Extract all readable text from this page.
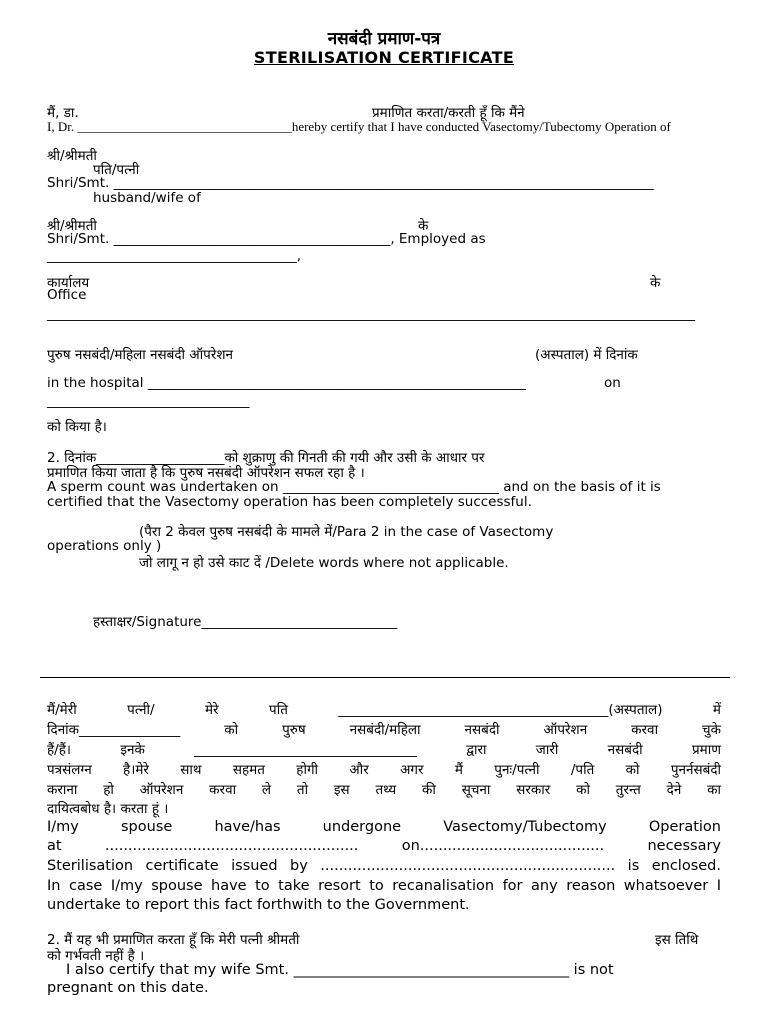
नसबंदी प्रमाण-पत्र
STERILISATION CERTIFICATE
मैं, डा.	प्रमाणित करता/करती हूँ कि मैंने
I, Dr. _________________________________hereby certify that I have conducted Vasectomy/Tubectomy Operation of
श्री/श्रीमती
पति/पत्नी
Shri/Smt. ________________________________________________________________________________
husband/wife of
श्री/श्रीमती	के
Shri/Smt. _________________________________________, Employed as
_____________________________________,
कार्यालय	के
Office
________________________________________________________________________________________________
पुरुष नसबंदी/महिला नसबंदी ऑपरेशन	(अस्पताल) में दिनांक
in the hospital ________________________________________________________	on
______________________________
को किया है।
2. दिनांक___________________को शुक्राणु की गिनती की गयी और उसी के आधार पर
प्रमाणित किया जाता है कि पुरुष नसबंदी ऑपरेशन सफल रहा है ।
A sperm count was undertaken on ________________________________ and on the basis of it is
certified that the Vasectomy operation has been completely successful.
(पैरा 2 केवल पुरुष नसबंदी के मामले में/Para 2 in the case of Vasectomy
operations only )
जो लागू न हो उसे काट दें /Delete words where not applicable.
हस्ताक्षर/Signature_____________________________
मैं/मेरी पत्नी/ मेरे पति ________________________________________(अस्पताल) में
दिनांक_______________ को पुरुष नसबंदी/महिला नसबंदी ऑपरेशन करवा चुके
हैं/हैं। इनके _________________________________ द्वारा जारी नसबंदी प्रमाण
पत्रसंलग्न है।मेरे साथ सहमत होगी और अगर मैं पुनः/पत्नी /पति को पुनर्नसबंदी
कराना हो ऑपरेशन करवा ले तो इस तथ्य की सूचना सरकार को तुरन्त देने का
दायित्वबोध है। करता हूं ।
I/my spouse have/has undergone Vasectomy/Tubectomy Operation
at ....................................................... on........................................ necessary
Sterilisation certificate issued by ................................................................ is enclosed.
In case I/my spouse have to take resort to recanalisation for any reason whatsoever I
undertake to report this fact forthwith to the Government.
2. मैं यह भी प्रमाणित करता हूँ कि मेरी पत्नी श्रीमती	इस तिथि
को गर्भवती नहीं है ।
I also certify that my wife Smt. ______________________________________ is not
pregnant on this date.
